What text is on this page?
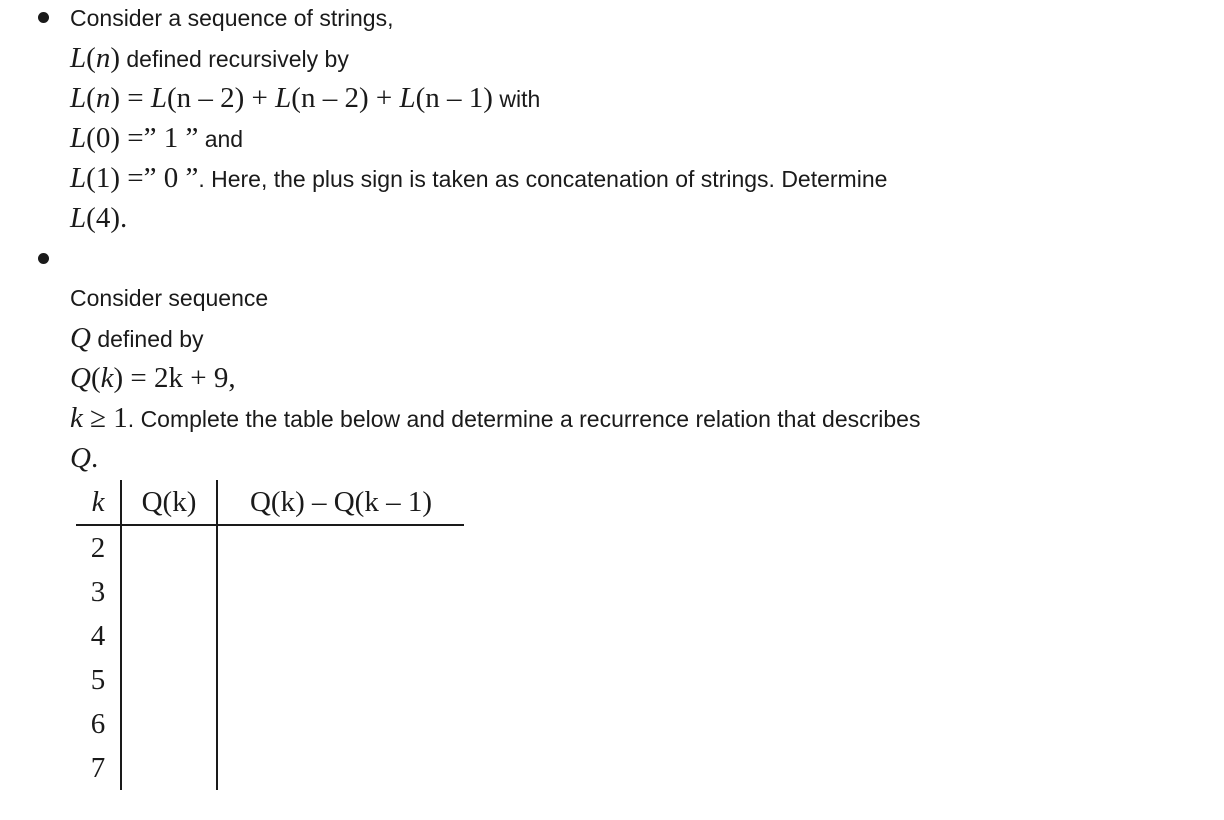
Consider a sequence of strings,
L(n) defined recursively by
L(n) = L(n – 2) + L(n – 2) + L(n – 1) with
L(0) =” 1 ” and
L(1) =” 0 ”. Here, the plus sign is taken as concatenation of strings. Determine
L(4).
Consider sequence
Q defined by
Q(k) = 2k + 9,
k ≥ 1. Complete the table below and determine a recurrence relation that describes
Q.
k	Q(k)	Q(k) – Q(k – 1)
2		
3		
4		
5		
6		
7		
